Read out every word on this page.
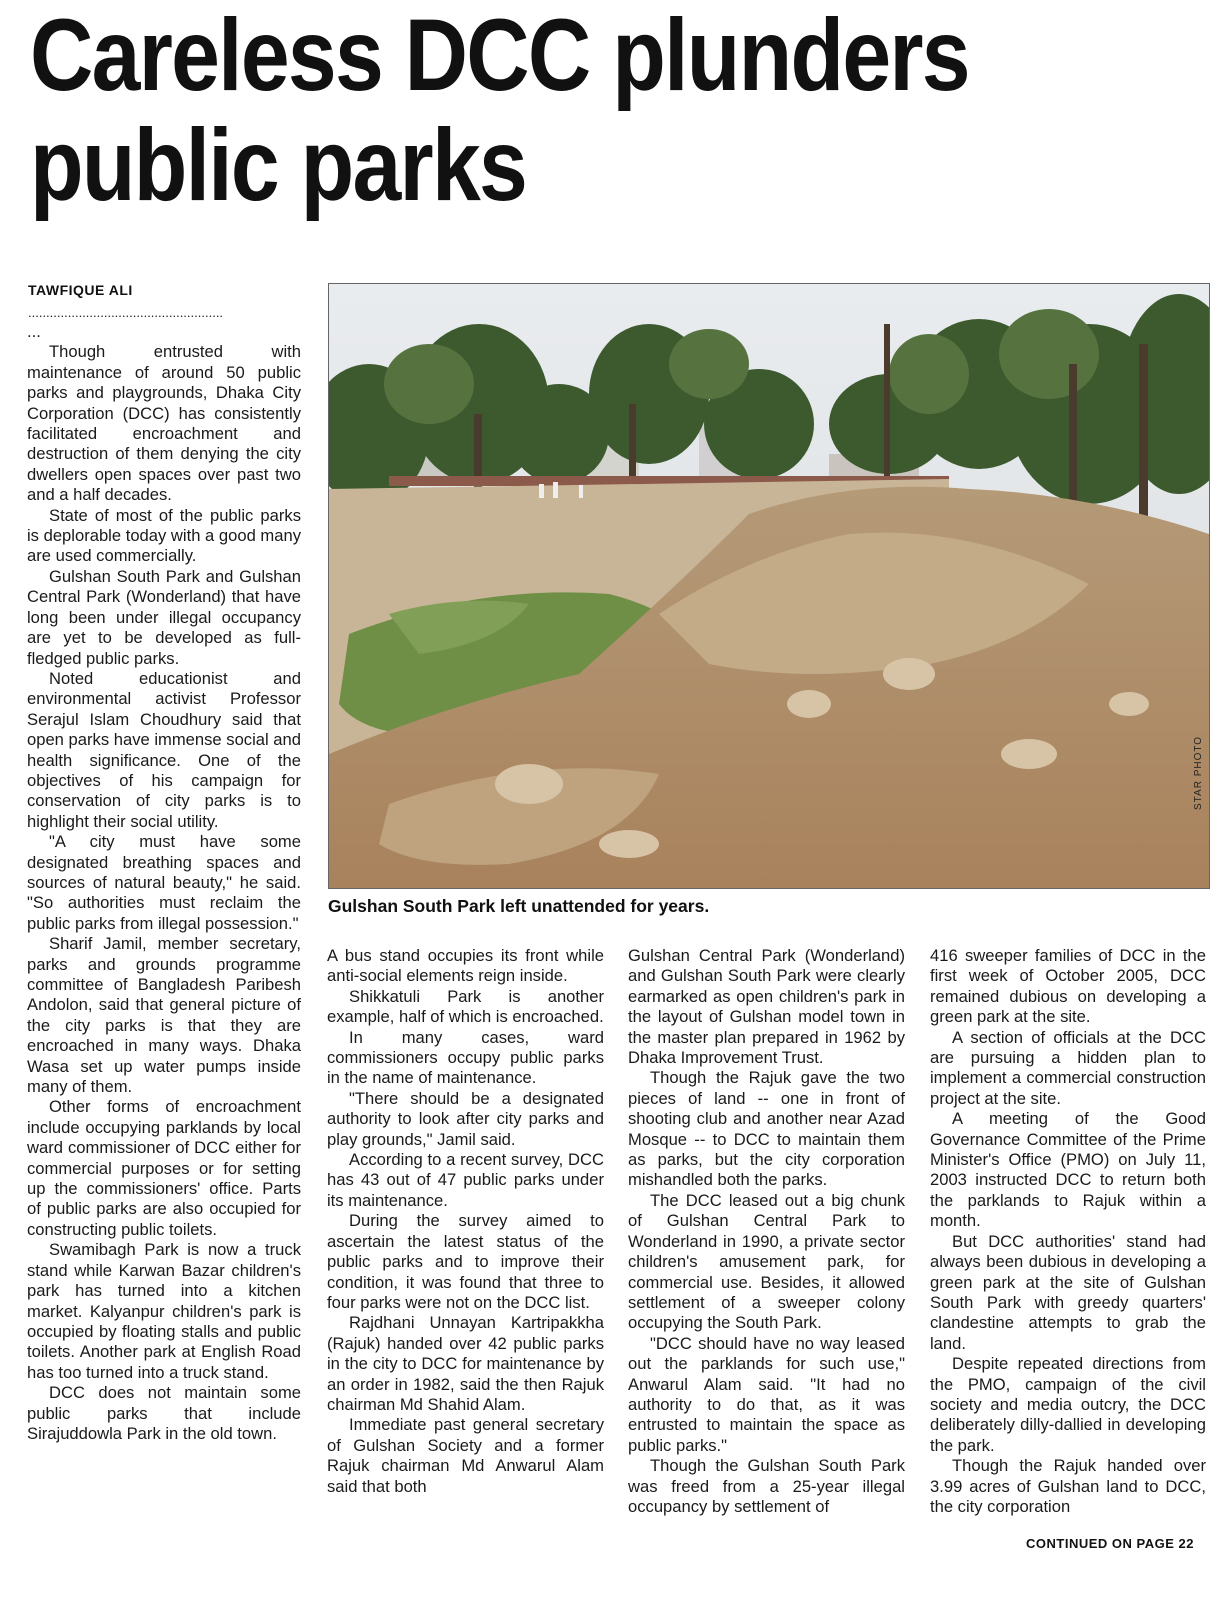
Careless DCC plunders
public parks
TAWFIQUE ALI
......................................................

...

Though entrusted with maintenance of around 50 public parks and playgrounds, Dhaka City Corporation (DCC) has consistently facilitated encroachment and destruction of them denying the city dwellers open spaces over past two and a half decades.

State of most of the public parks is deplorable today with a good many are used commercially.

Gulshan South Park and Gulshan Central Park (Wonderland) that have long been under illegal occupancy are yet to be developed as full-fledged public parks.

Noted educationist and environmental activist Professor Serajul Islam Choudhury said that open parks have immense social and health significance. One of the objectives of his campaign for conservation of city parks is to highlight their social utility.

"A city must have some designated breathing spaces and sources of natural beauty," he said. "So authorities must reclaim the public parks from illegal possession."

Sharif Jamil, member secretary, parks and grounds programme committee of Bangladesh Paribesh Andolon, said that general picture of the city parks is that they are encroached in many ways. Dhaka Wasa set up water pumps inside many of them.

Other forms of encroachment include occupying parklands by local ward commissioner of DCC either for commercial purposes or for setting up the commissioners' office. Parts of public parks are also occupied for constructing public toilets.

Swamibagh Park is now a truck stand while Karwan Bazar children's park has turned into a kitchen market. Kalyanpur children's park is occupied by floating stalls and public toilets. Another park at English Road has too turned into a truck stand.

DCC does not maintain some public parks that include Sirajuddowla Park in the old town.

STAR PHOTO
Gulshan South Park left unattended for years.

A bus stand occupies its front while anti-social elements reign inside.

Shikkatuli Park is another example, half of which is encroached.

In many cases, ward commissioners occupy public parks in the name of maintenance.

"There should be a designated authority to look after city parks and play grounds," Jamil said.

According to a recent survey, DCC has 43 out of 47 public parks under its maintenance.

During the survey aimed to ascertain the latest status of the public parks and to improve their condition, it was found that three to four parks were not on the DCC list.

Rajdhani Unnayan Kartripakkha (Rajuk) handed over 42 public parks in the city to DCC for maintenance by an order in 1982, said the then Rajuk chairman Md Shahid Alam.

Immediate past general secretary of Gulshan Society and a former Rajuk chairman Md Anwarul Alam said that both

Gulshan Central Park (Wonderland) and Gulshan South Park were clearly earmarked as open children's park in the layout of Gulshan model town in the master plan prepared in 1962 by Dhaka Improvement Trust.

Though the Rajuk gave the two pieces of land -- one in front of shooting club and another near Azad Mosque -- to DCC to maintain them as parks, but the city corporation mishandled both the parks.

The DCC leased out a big chunk of Gulshan Central Park to Wonderland in 1990, a private sector children's amusement park, for commercial use. Besides, it allowed settlement of a sweeper colony occupying the South Park.

"DCC should have no way leased out the parklands for such use," Anwarul Alam said. "It had no authority to do that, as it was entrusted to maintain the space as public parks."

Though the Gulshan South Park was freed from a 25-year illegal occupancy by settlement of

416 sweeper families of DCC in the first week of October 2005, DCC remained dubious on developing a green park at the site.

A section of officials at the DCC are pursuing a hidden plan to implement a commercial construction project at the site.

A meeting of the Good Governance Committee of the Prime Minister's Office (PMO) on July 11, 2003 instructed DCC to return both the parklands to Rajuk within a month.

But DCC authorities' stand had always been dubious in developing a green park at the site of Gulshan South Park with greedy quarters' clandestine attempts to grab the land.

Despite repeated directions from the PMO, campaign of the civil society and media outcry, the DCC deliberately dilly-dallied in developing the park.

Though the Rajuk handed over 3.99 acres of Gulshan land to DCC, the city corporation

CONTINUED ON PAGE 22
